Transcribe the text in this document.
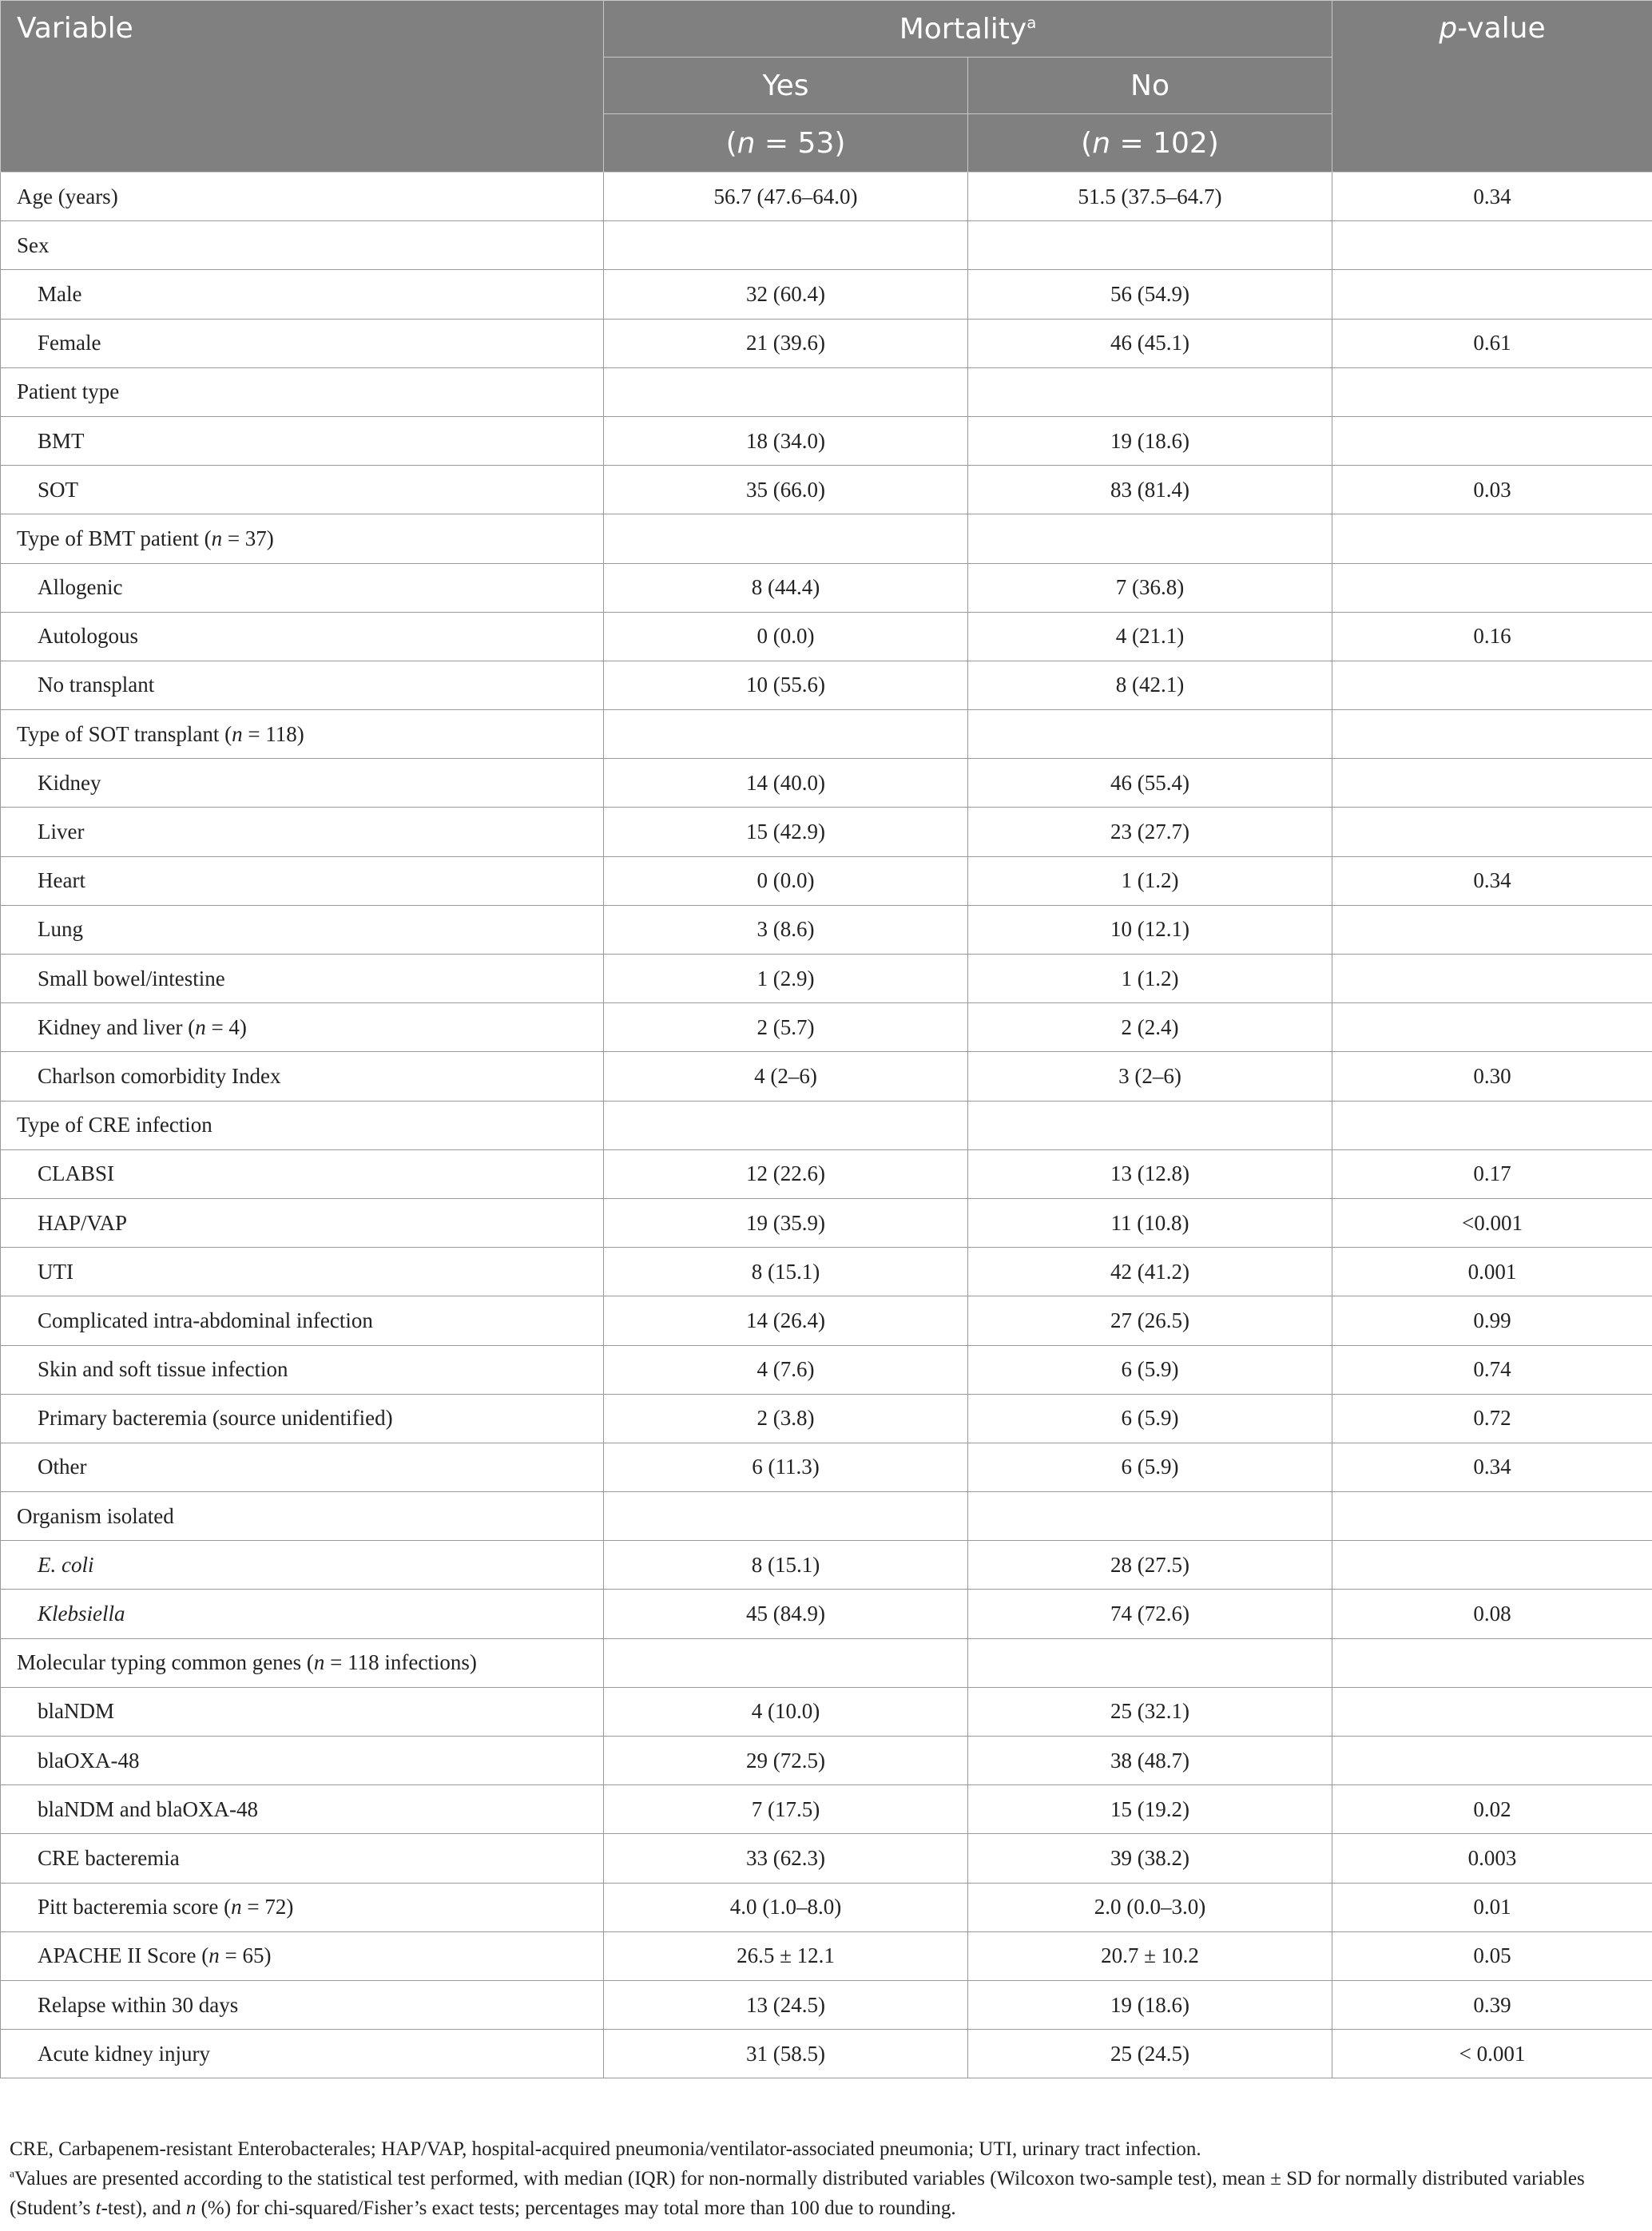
Variable	Mortality$^a$		p-value
	Yes	No	
	(n = 53)	(n = 102)	
Age (years)	56.7 (47.6–64.0)	51.5 (37.5–64.7)	0.34
Sex			
Male	32 (60.4)	56 (54.9)	
Female	21 (39.6)	46 (45.1)	0.61
Patient type			
BMT	18 (34.0)	19 (18.6)	
SOT	35 (66.0)	83 (81.4)	0.03
Type of BMT patient (n = 37)			
Allogenic	8 (44.4)	7 (36.8)	
Autologous	0 (0.0)	4 (21.1)	0.16
No transplant	10 (55.6)	8 (42.1)	
Type of SOT transplant (n = 118)			
Kidney	14 (40.0)	46 (55.4)	
Liver	15 (42.9)	23 (27.7)	
Heart	0 (0.0)	1 (1.2)	0.34
Lung	3 (8.6)	10 (12.1)	
Small bowel/intestine	1 (2.9)	1 (1.2)	
Kidney and liver (n = 4)	2 (5.7)	2 (2.4)	
Charlson comorbidity Index	4 (2–6)	3 (2–6)	0.30
Type of CRE infection			
CLABSI	12 (22.6)	13 (12.8)	0.17
HAP/VAP	19 (35.9)	11 (10.8)	<0.001
UTI	8 (15.1)	42 (41.2)	0.001
Complicated intra-abdominal infection	14 (26.4)	27 (26.5)	0.99
Skin and soft tissue infection	4 (7.6)	6 (5.9)	0.74
Primary bacteremia (source unidentified)	2 (3.8)	6 (5.9)	0.72
Other	6 (11.3)	6 (5.9)	0.34
Organism isolated			
E. coli	8 (15.1)	28 (27.5)	
Klebsiella	45 (84.9)	74 (72.6)	0.08
Molecular typing common genes (n = 118 infections)			
blaNDM	4 (10.0)	25 (32.1)	
blaOXA-48	29 (72.5)	38 (48.7)	
blaNDM and blaOXA-48	7 (17.5)	15 (19.2)	0.02
CRE bacteremia	33 (62.3)	39 (38.2)	0.003
Pitt bacteremia score (n = 72)	4.0 (1.0–8.0)	2.0 (0.0–3.0)	0.01
APACHE II Score (n = 65)	26.5 ± 12.1	20.7 ± 10.2	0.05
Relapse within 30 days	13 (24.5)	19 (18.6)	0.39
Acute kidney injury	31 (58.5)	25 (24.5)	< 0.001

CRE, Carbapenem-resistant Enterobacterales; HAP/VAP, hospital-acquired pneumonia/ventilator-associated pneumonia; UTI, urinary tract infection.

$^a$Values are presented according to the statistical test performed, with median (IQR) for non-normally distributed variables (Wilcoxon two-sample test), mean ± SD for normally distributed variables (Student’s t-test), and n (%) for chi-squared/Fisher’s exact tests; percentages may total more than 100 due to rounding.
